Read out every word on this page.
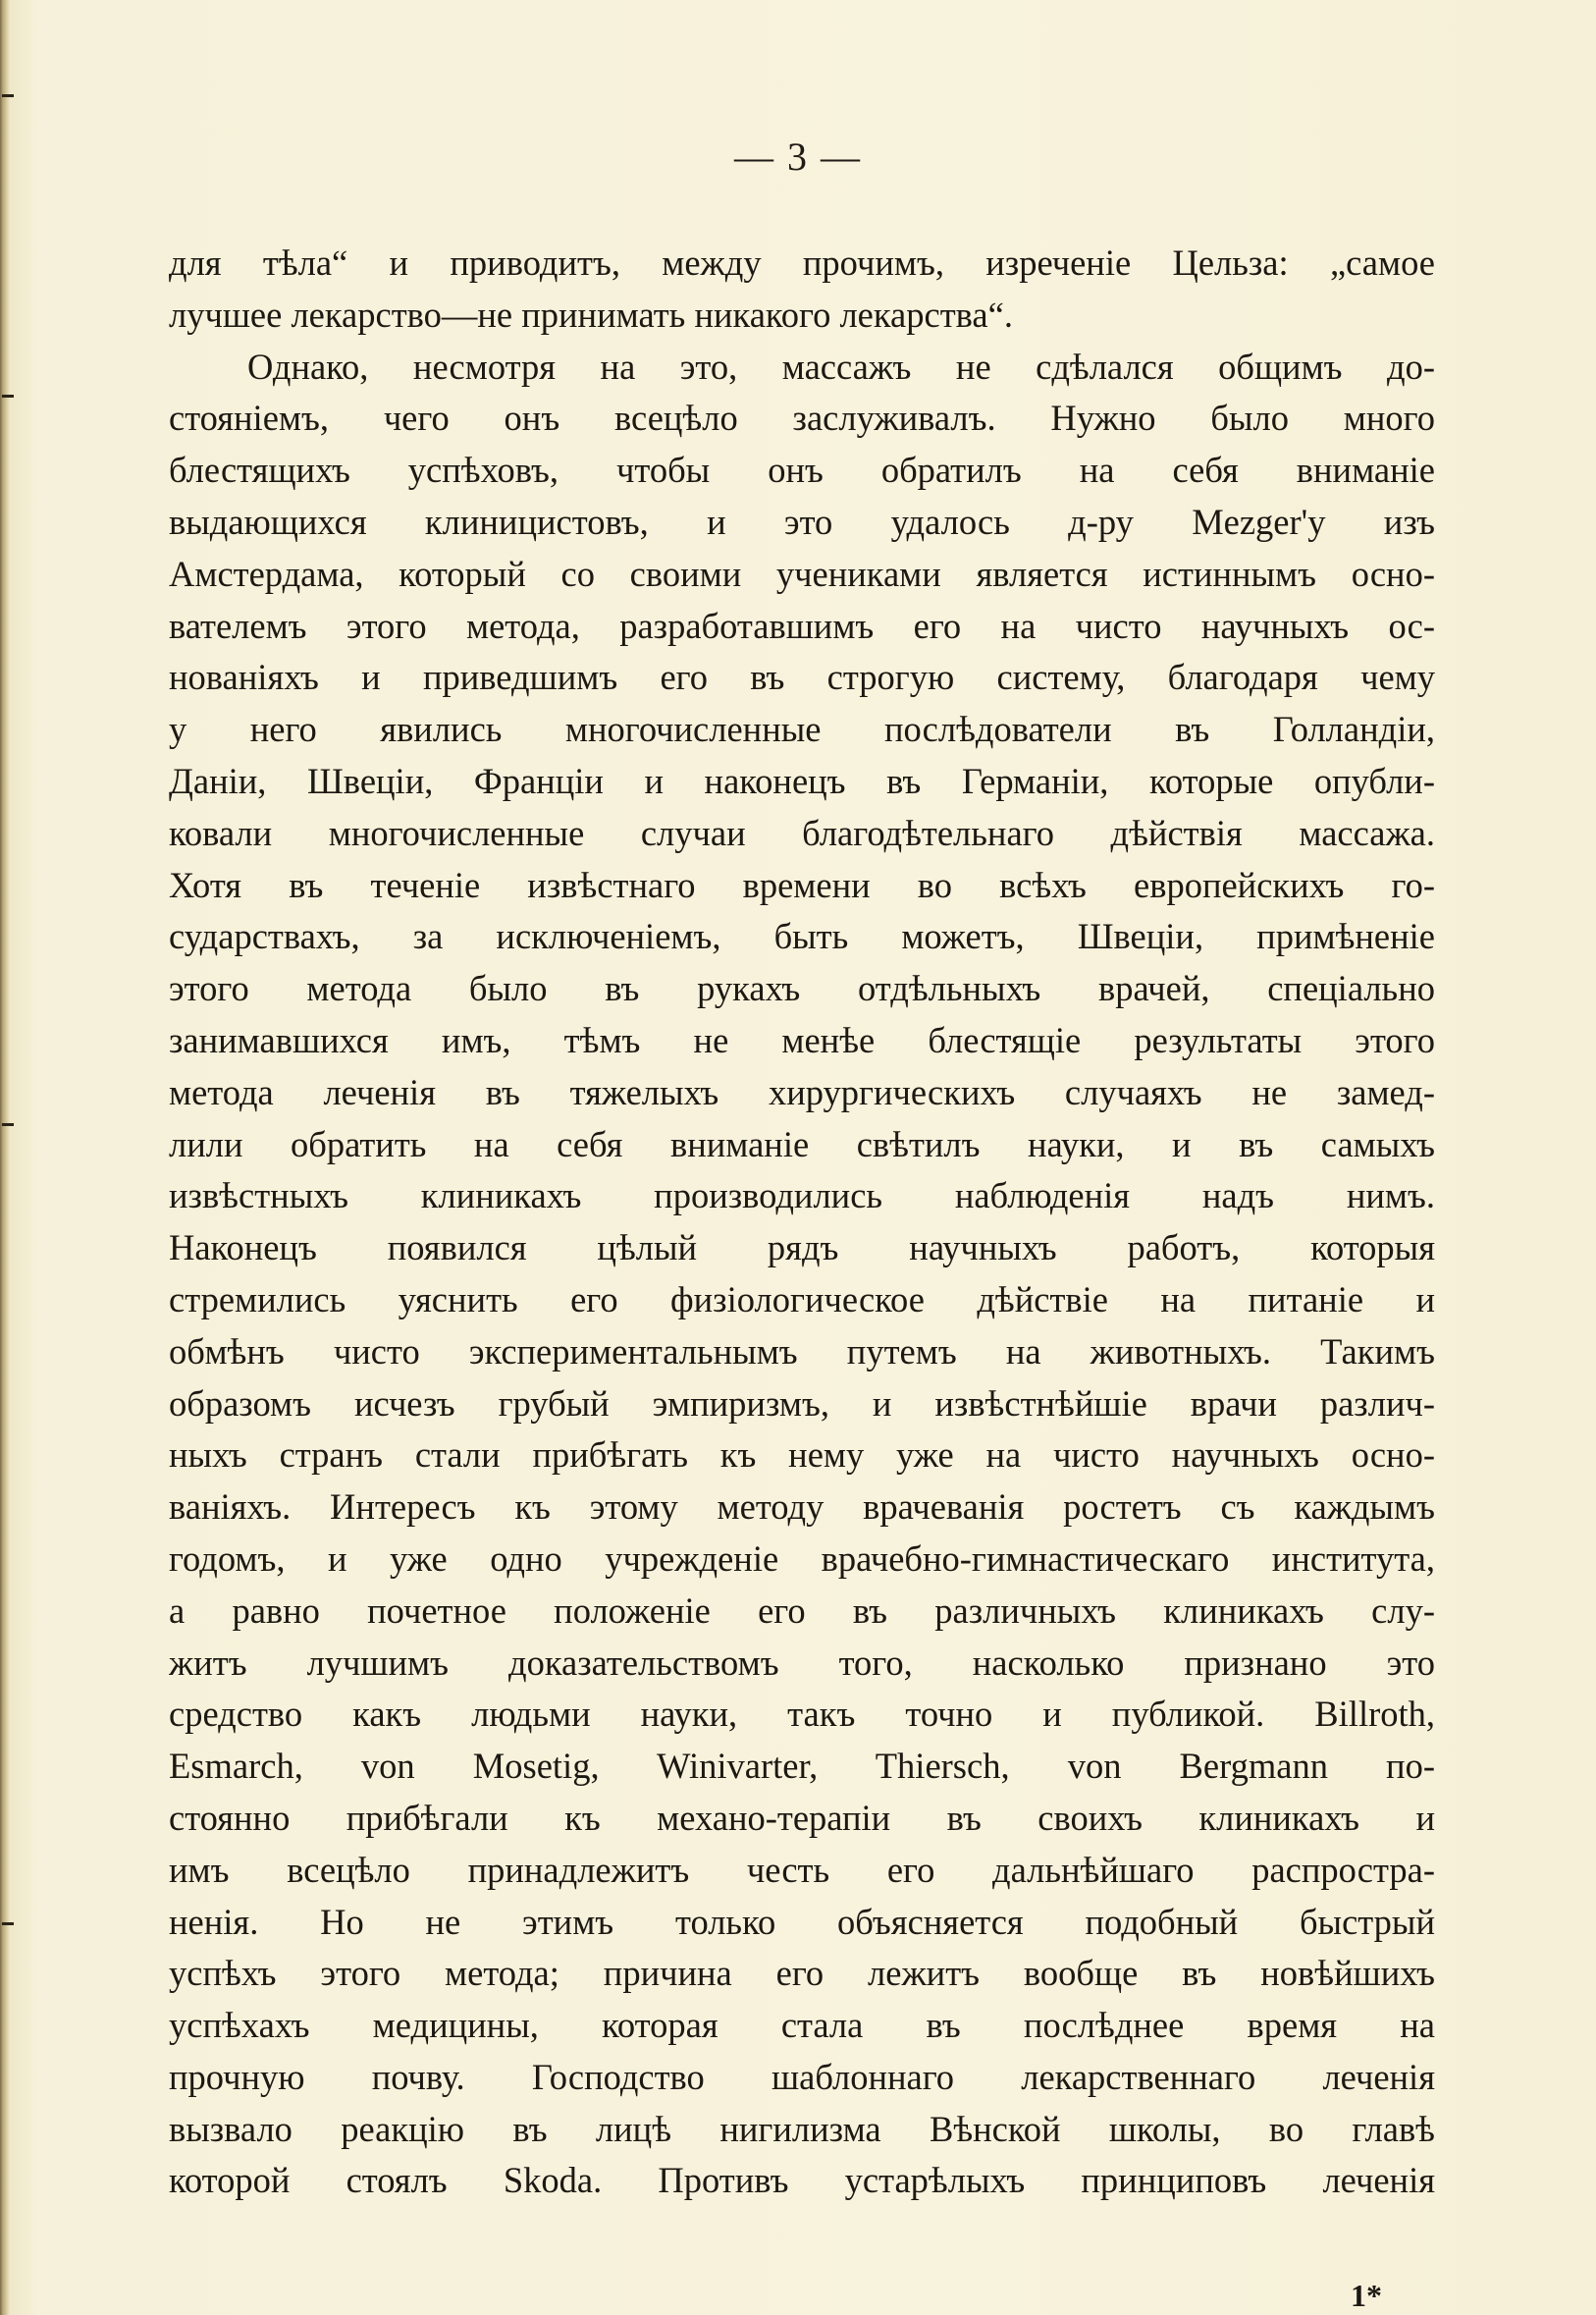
— 3 —
для тѣла“ и приводитъ, между прочимъ, изреченіе Цельза: „самое
лучшее лекарство—не принимать никакого лекарства“.
Однако, несмотря на это, массажъ не сдѣлался общимъ до-
стояніемъ, чего онъ всецѣло заслуживалъ. Нужно было много
блестящихъ успѣховъ, чтобы онъ обратилъ на себя вниманіе
выдающихся клиницистовъ, и это удалось д-ру Mezger'у изъ
Амстердама, который со своими учениками является истиннымъ осно-
вателемъ этого метода, разработавшимъ его на чисто научныхъ ос-
нованіяхъ и приведшимъ его въ строгую систему, благодаря чему
у него явились многочисленные послѣдователи въ Голландіи,
Даніи, Швеціи, Франціи и наконецъ въ Германіи, которые опубли-
ковали многочисленные случаи благодѣтельнаго дѣйствія массажа.
Хотя въ теченіе извѣстнаго времени во всѣхъ европейскихъ го-
сударствахъ, за исключеніемъ, быть можетъ, Швеціи, примѣненіе
этого метода было въ рукахъ отдѣльныхъ врачей, спеціально
занимавшихся имъ, тѣмъ не менѣе блестящіе результаты этого
метода леченія въ тяжелыхъ хирургическихъ случаяхъ не замед-
лили обратить на себя вниманіе свѣтилъ науки, и въ самыхъ
извѣстныхъ клиникахъ производились наблюденія надъ нимъ.
Наконецъ появился цѣлый рядъ научныхъ работъ, которыя
стремились уяснить его физіологическое дѣйствіе на питаніе и
обмѣнъ чисто экспериментальнымъ путемъ на животныхъ. Такимъ
образомъ исчезъ грубый эмпиризмъ, и извѣстнѣйшіе врачи различ-
ныхъ странъ стали прибѣгать къ нему уже на чисто научныхъ осно-
ваніяхъ. Интересъ къ этому методу врачеванія ростетъ съ каждымъ
годомъ, и уже одно учрежденіе врачебно-гимнастическаго института,
а равно почетное положеніе его въ различныхъ клиникахъ слу-
житъ лучшимъ доказательствомъ того, насколько признано это
средство какъ людьми науки, такъ точно и публикой. Billroth,
Esmarch, von Mosetig, Winivarter, Thiersch, von Bergmann по-
стоянно прибѣгали къ механо-терапіи въ своихъ клиникахъ и
имъ всецѣло принадлежитъ честь его дальнѣйшаго распростра-
ненія. Но не этимъ только объясняется подобный быстрый
успѣхъ этого метода; причина его лежитъ вообще въ новѣйшихъ
успѣхахъ медицины, которая стала въ послѣднее время на
прочную почву. Господство шаблоннаго лекарственнаго леченія
вызвало реакцію въ лицѣ нигилизма Вѣнской школы, во главѣ
которой стоялъ Skoda. Противъ устарѣлыхъ принциповъ леченія
1*
